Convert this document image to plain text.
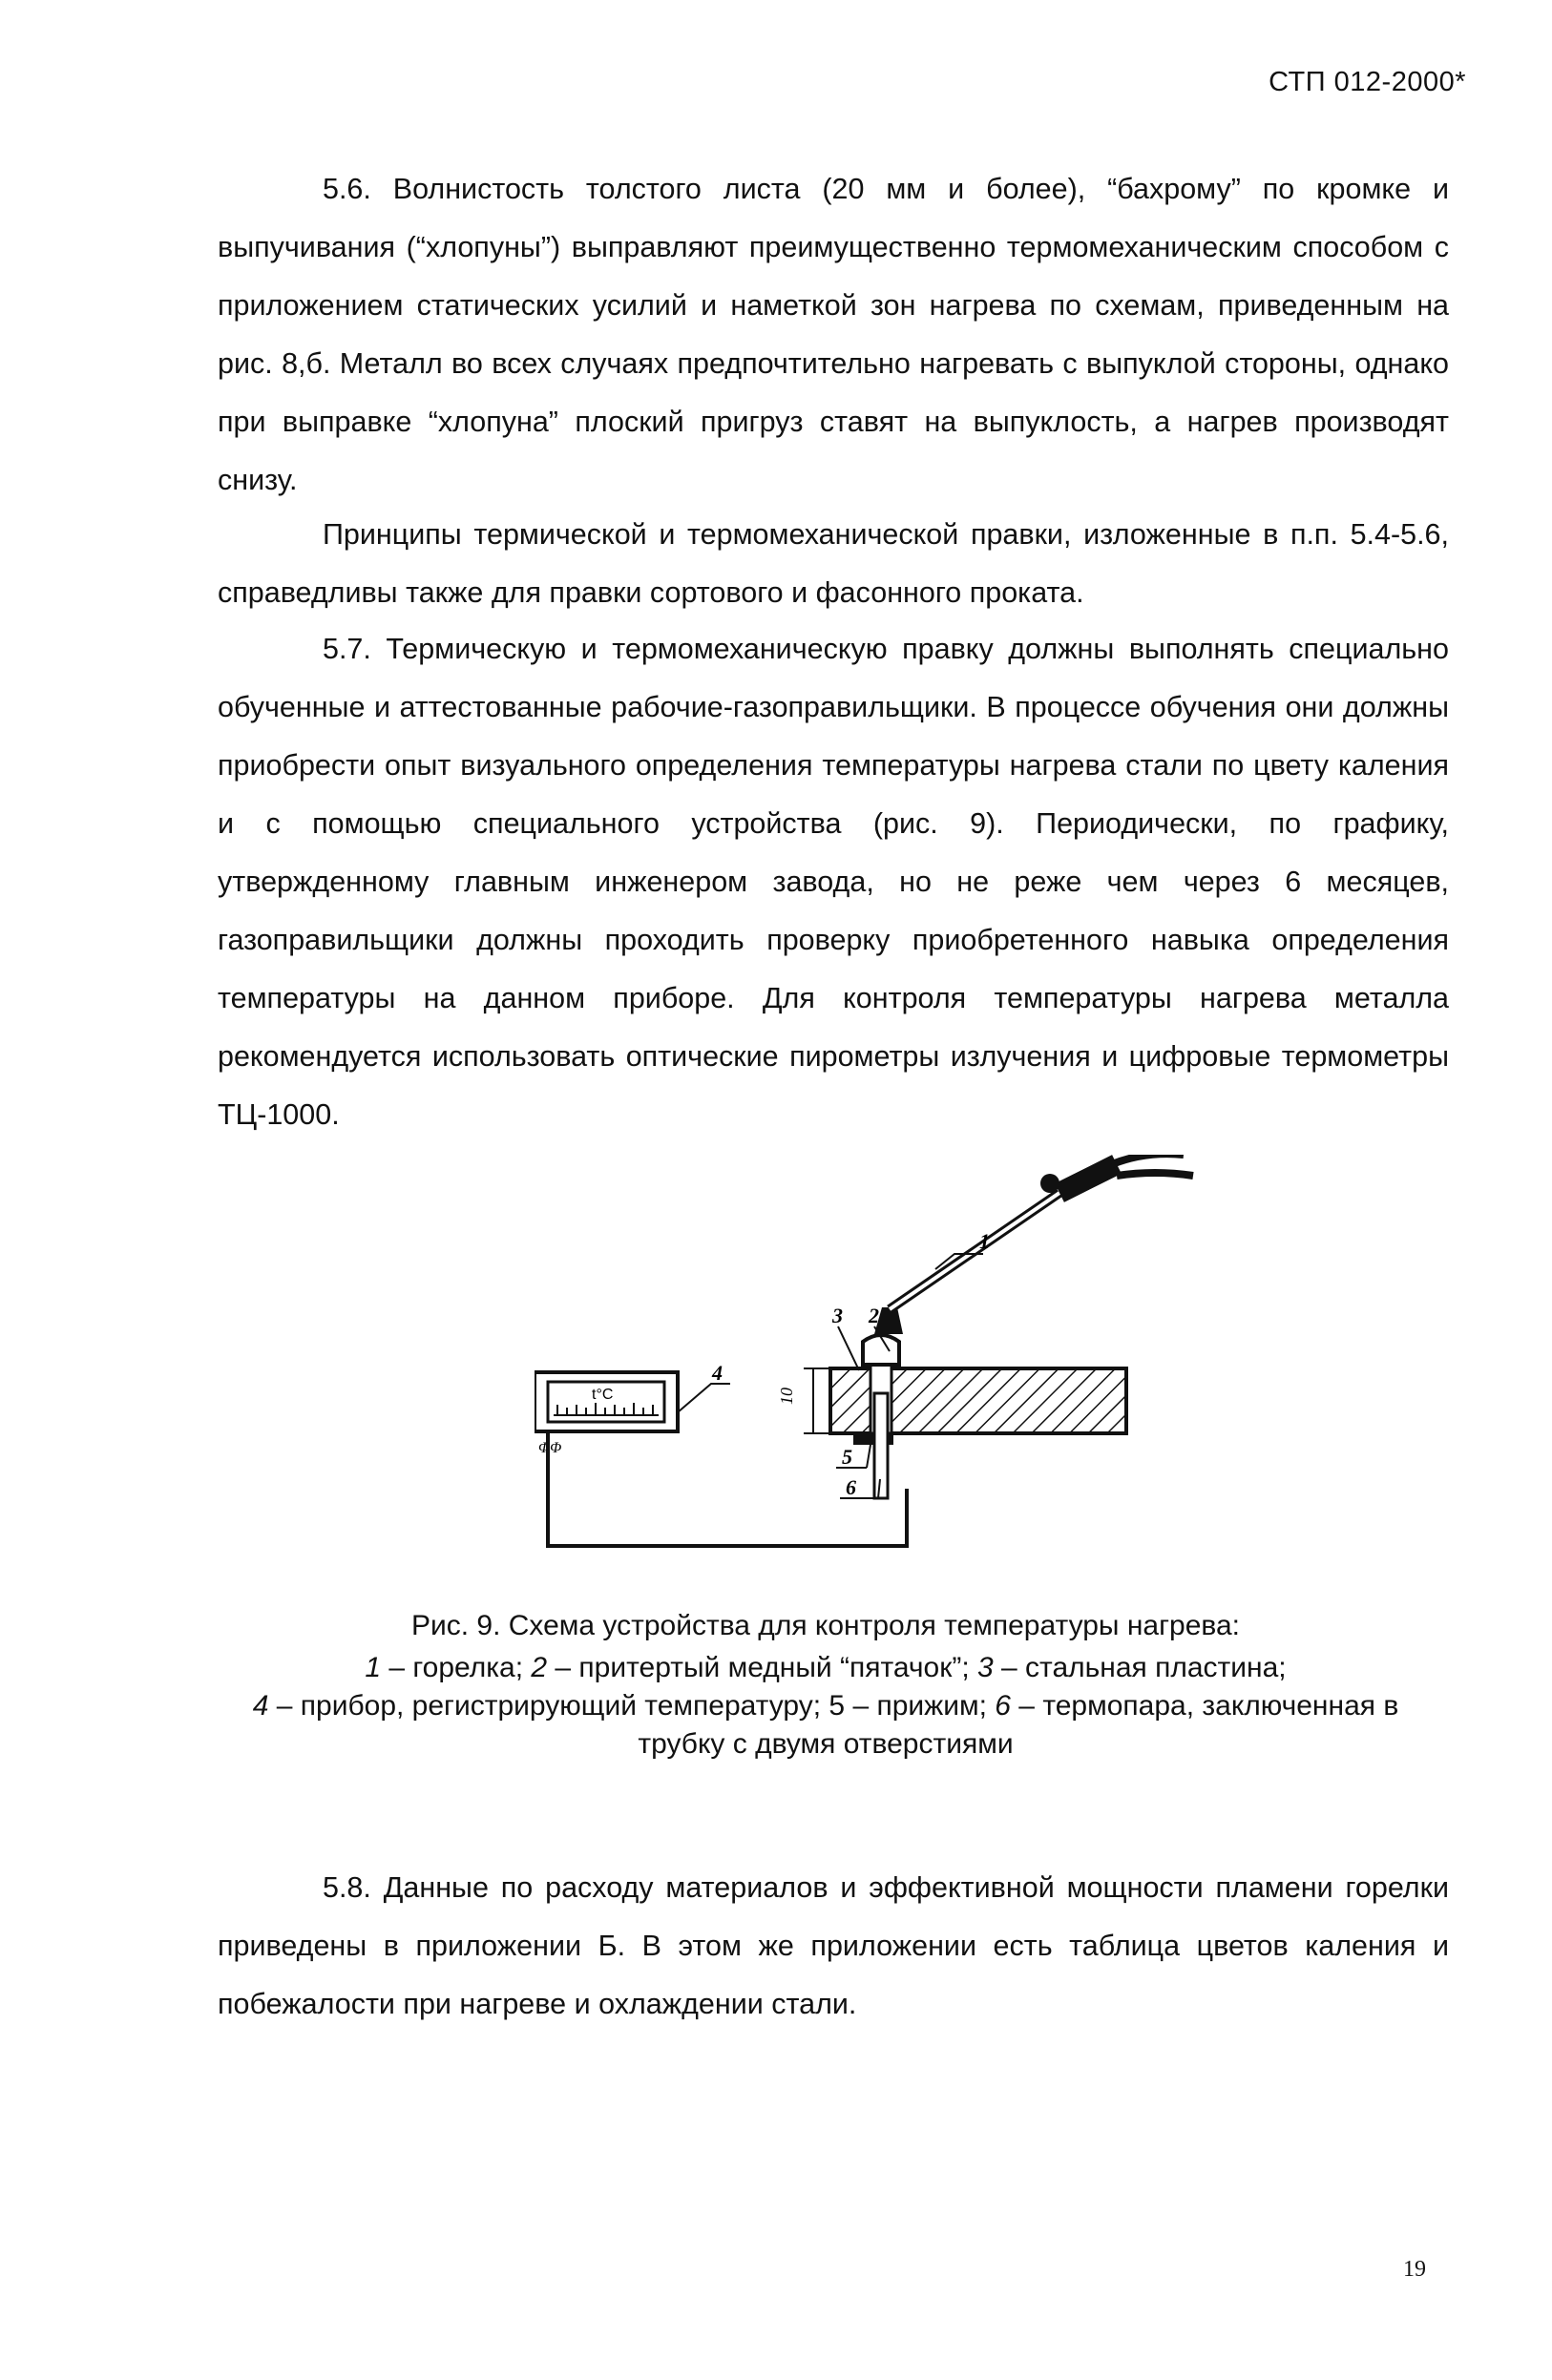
СТП 012-2000*

5.6. Волнистость толстого листа (20 мм и более), “бахрому” по кромке и выпучивания (“хлопуны”) выправляют преимущественно термомеханическим способом с приложением статических усилий и наметкой зон нагрева по схемам, приведенным на рис. 8,б. Металл во всех случаях предпочтительно нагревать с выпуклой стороны, однако при выправке “хлопуна” плоский пригруз ставят на выпуклость, а нагрев производят снизу.

Принципы термической и термомеханической правки, изложенные в п.п. 5.4-5.6, справедливы также для правки сортового и фасонного проката.

5.7. Термическую и термомеханическую правку должны выполнять специально обученные и аттестованные рабочие-газоправильщики. В процессе обучения они должны приобрести опыт визуального определения температуры нагрева стали по цвету каления и с помощью специального устройства (рис. 9). Периодически, по графику, утвержденному главным инженером завода, но не реже чем через 6 месяцев, газоправильщики должны проходить проверку приобретенного навыка определения температуры на данном приборе. Для контроля температуры нагрева металла рекомендуется использовать оптические пирометры излучения и цифровые термометры ТЦ-1000.

t°C
ΦΦ
4
10
1
3 2
5
6
Рис. 9. Схема устройства для контроля температуры нагрева:
1 – горелка; 2 – притертый медный “пятачок”; 3 – стальная пластина;
4 – прибор, регистрирующий температуру; 5 – прижим; 6 – термопара, заключенная в трубку с двумя отверстиями

5.8. Данные по расходу материалов и эффективной мощности пламени горелки приведены в приложении Б. В этом же приложении есть таблица цветов каления и побежалости при нагреве и охлаждении стали.

19
